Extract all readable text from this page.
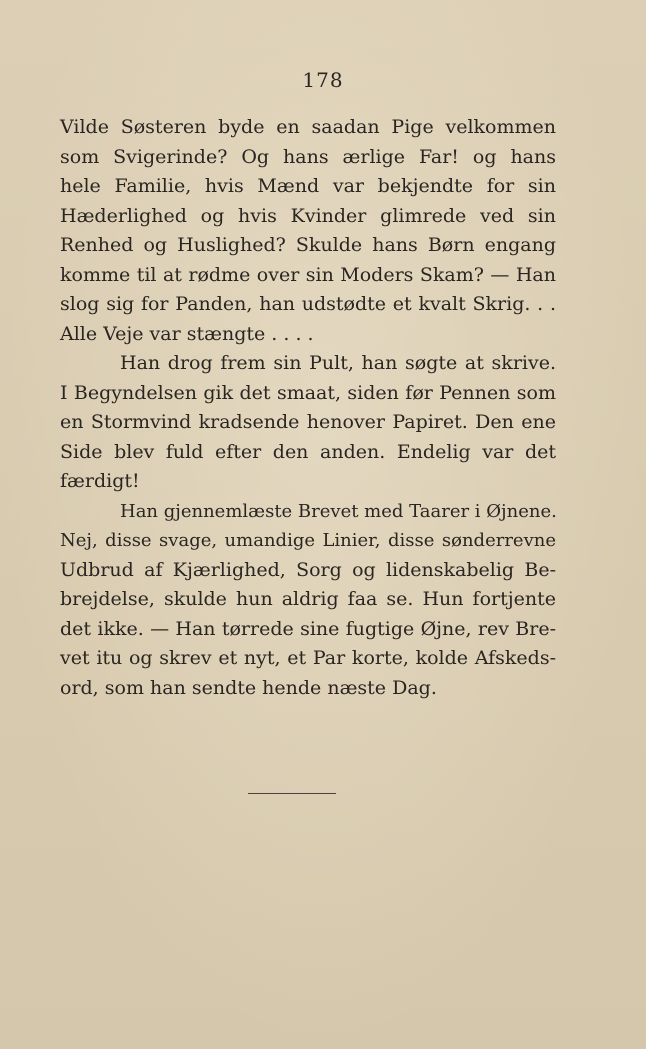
178
Vilde Søsteren byde en saadan Pige velkommen
som Svigerinde? Og hans ærlige Far! og hans
hele Familie, hvis Mænd var bekjendte for sin
Hæderlighed og hvis Kvinder glimrede ved sin
Renhed og Huslighed? Skulde hans Børn engang
komme til at rødme over sin Moders Skam? — Han
slog sig for Panden, han udstødte et kvalt Skrig. . .
Alle Veje var stængte . . . .
Han drog frem sin Pult, han søgte at skrive.
I Begyndelsen gik det smaat, siden før Pennen som
en Stormvind kradsende henover Papiret. Den ene
Side blev fuld efter den anden. Endelig var det
færdigt!
Han gjennemlæste Brevet med Taarer i Øjnene.
Nej, disse svage, umandige Linier, disse sønderrevne
Udbrud af Kjærlighed, Sorg og lidenskabelig Be-
brejdelse, skulde hun aldrig faa se. Hun fortjente
det ikke. — Han tørrede sine fugtige Øjne, rev Bre-
vet itu og skrev et nyt, et Par korte, kolde Afskeds-
ord, som han sendte hende næste Dag.
